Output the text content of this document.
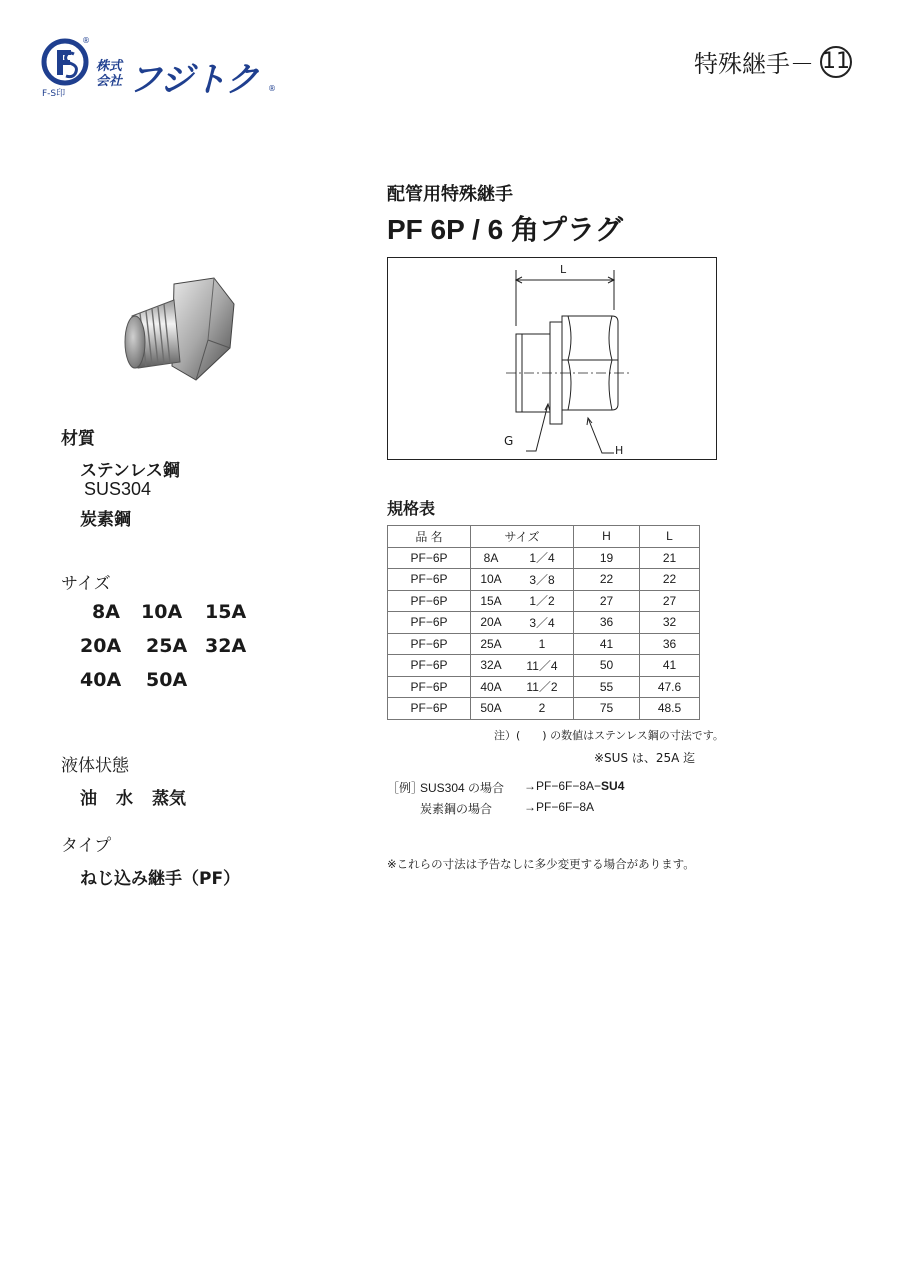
®
F-S印
株式
会社 フジトク ®
特殊継手－ 11
材質
ステンレス鋼
SUS304
炭素鋼
サイズ
8A 10A 15A
20A 25A 32A
40A 50A
液体状態
油 水 蒸気
タイプ
ねじ込み継手（PF）
配管用特殊継手
PF 6P / 6 角プラグ
L
G
H
規格表
品 名	サイズ		H	L
PF−6P	8A	1／4	19	21
PF−6P	10A	3／8	22	22
PF−6P	15A	1／2	27	27
PF−6P	20A	3／4	36	32
PF−6P	25A	1	41	36
PF−6P	32A	11／4	50	41
PF−6P	40A	11／2	55	47.6
PF−6P	50A	2	75	48.5
注）(　　) の数値はステンレス鋼の寸法です。
※SUS は、25A 迄
［例］
SUS304 の場合 →PF−6F−8A−SU4
炭素鋼の場合	→PF−6F−8A
※これらの寸法は予告なしに多少変更する場合があります。
